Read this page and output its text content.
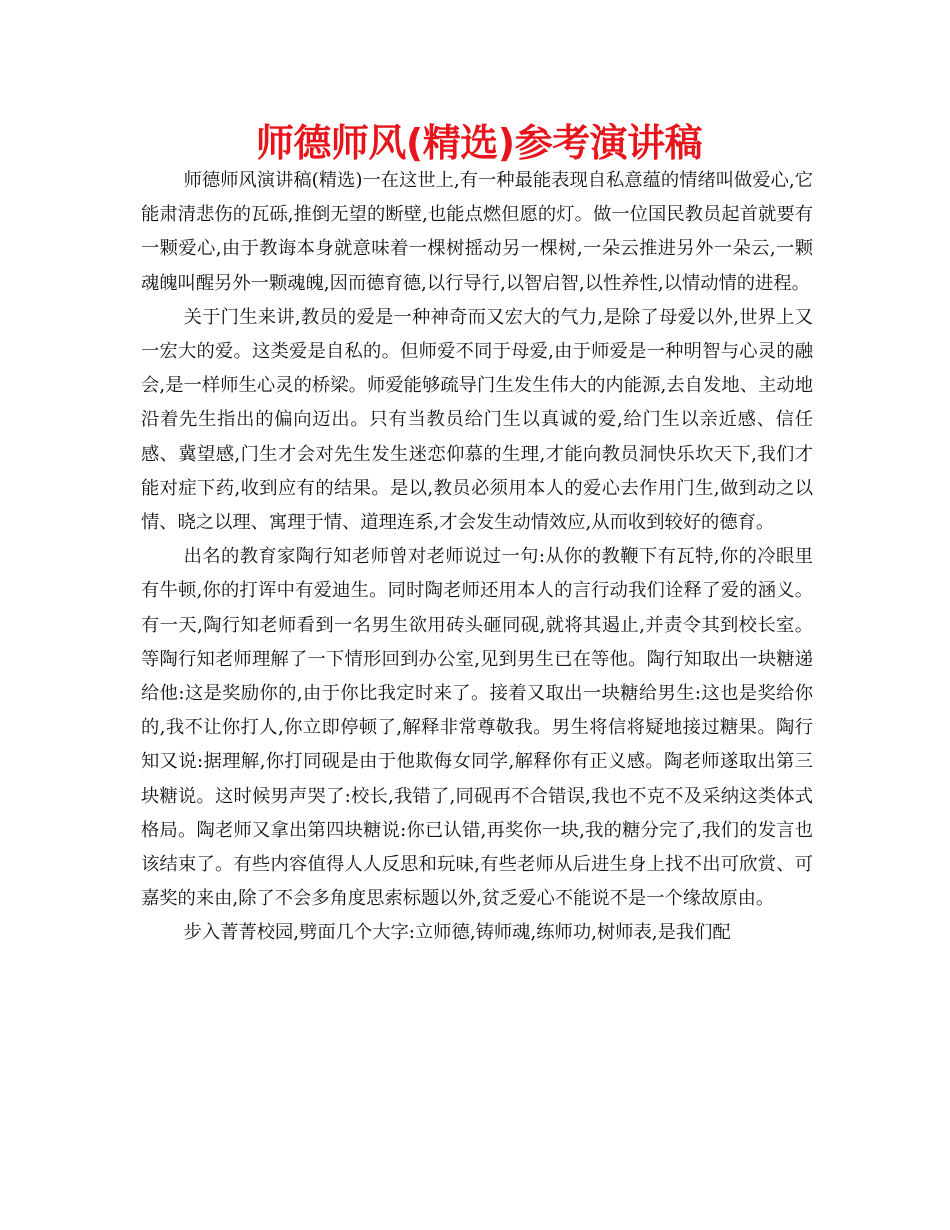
师德师风(精选)参考演讲稿

师德师风演讲稿(精选)一在这世上,有一种最能表现自私意蕴的情绪叫做爱心,它能肃清悲伤的瓦砾,推倒无望的断壁,也能点燃但愿的灯。做一位国民教员起首就要有一颗爱心,由于教诲本身就意味着一棵树摇动另一棵树,一朵云推进另外一朵云,一颗魂魄叫醒另外一颗魂魄,因而德育德,以行导行,以智启智,以性养性,以情动情的进程。

关于门生来讲,教员的爱是一种神奇而又宏大的气力,是除了母爱以外,世界上又一宏大的爱。这类爱是自私的。但师爱不同于母爱,由于师爱是一种明智与心灵的融会,是一样师生心灵的桥梁。师爱能够疏导门生发生伟大的内能源,去自发地、主动地沿着先生指出的偏向迈出。只有当教员给门生以真诚的爱,给门生以亲近感、信任感、冀望感,门生才会对先生发生迷恋仰慕的生理,才能向教员洞快乐坎天下,我们才能对症下药,收到应有的结果。是以,教员必须用本人的爱心去作用门生,做到动之以情、晓之以理、寓理于情、道理连系,才会发生动情效应,从而收到较好的德育。

出名的教育家陶行知老师曾对老师说过一句:从你的教鞭下有瓦特,你的冷眼里有牛顿,你的打诨中有爱迪生。同时陶老师还用本人的言行动我们诠释了爱的涵义。有一天,陶行知老师看到一名男生欲用砖头砸同砚,就将其遏止,并责令其到校长室。等陶行知老师理解了一下情形回到办公室,见到男生已在等他。陶行知取出一块糖递给他:这是奖励你的,由于你比我定时来了。接着又取出一块糖给男生:这也是奖给你的,我不让你打人,你立即停顿了,解释非常尊敬我。男生将信将疑地接过糖果。陶行知又说:据理解,你打同砚是由于他欺侮女同学,解释你有正义感。陶老师遂取出第三块糖说。这时候男声哭了:校长,我错了,同砚再不合错误,我也不克不及采纳这类体式格局。陶老师又拿出第四块糖说:你已认错,再奖你一块,我的糖分完了,我们的发言也该结束了。有些内容值得人人反思和玩味,有些老师从后进生身上找不出可欣赏、可嘉奖的来由,除了不会多角度思索标题以外,贫乏爱心不能说不是一个缘故原由。

步入菁菁校园,劈面几个大字:立师德,铸师魂,练师功,树师表,是我们配
